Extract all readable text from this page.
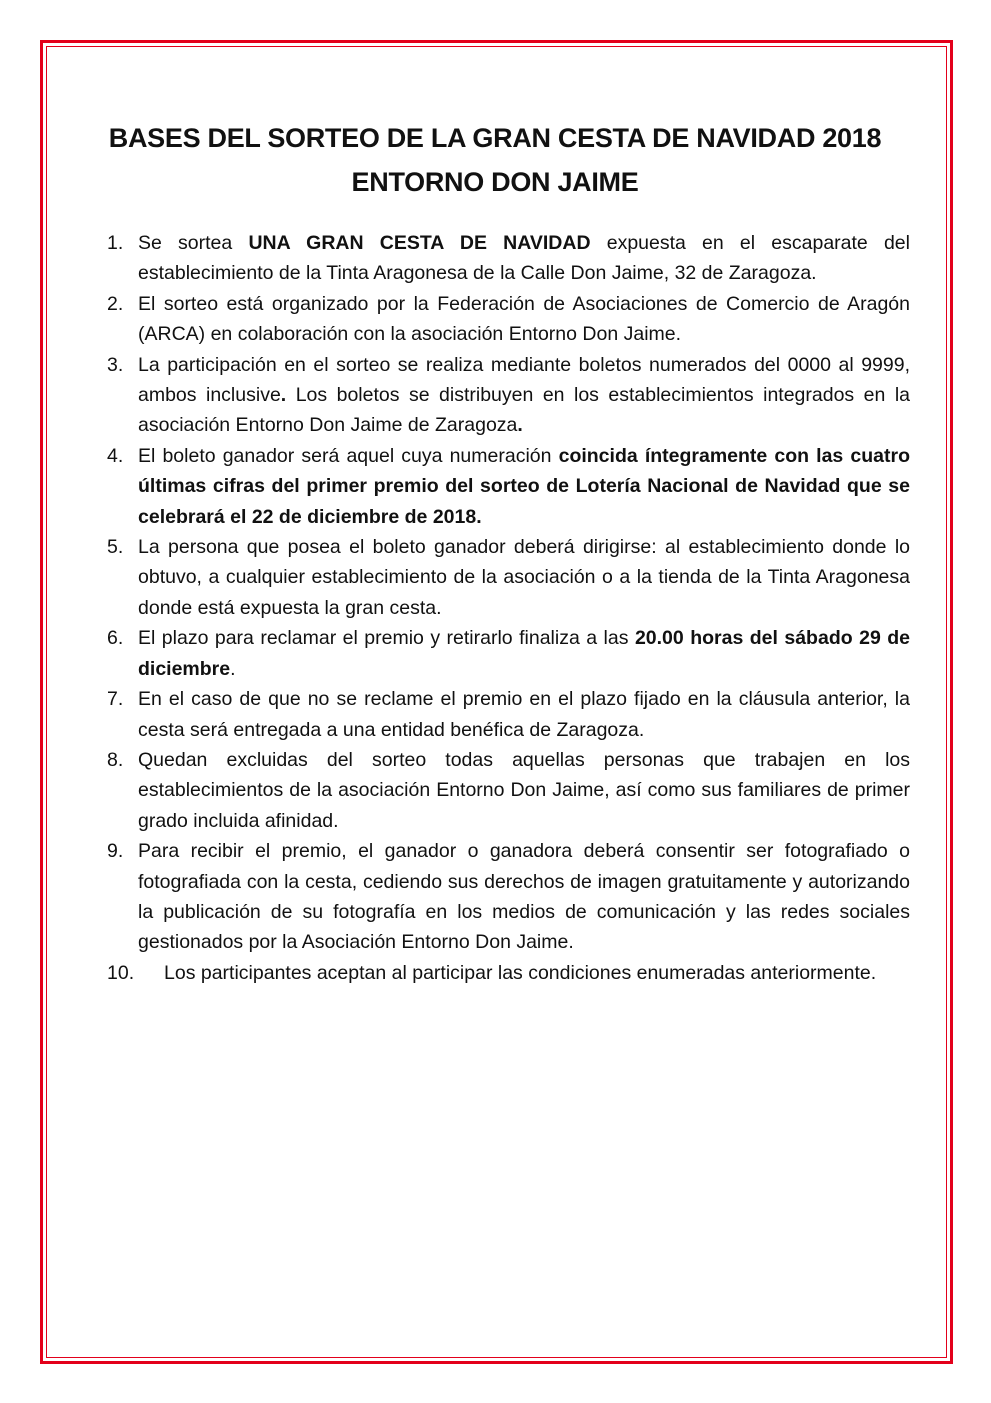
BASES DEL SORTEO DE LA GRAN CESTA DE NAVIDAD 2018
ENTORNO DON JAIME
1. Se sortea UNA GRAN CESTA DE NAVIDAD expuesta en el escaparate del establecimiento de la Tinta Aragonesa de la Calle Don Jaime, 32 de Zaragoza.
2. El sorteo está organizado por la Federación de Asociaciones de Comercio de Aragón (ARCA) en colaboración con la asociación Entorno Don Jaime.
3. La participación en el sorteo se realiza mediante boletos numerados del 0000 al 9999, ambos inclusive. Los boletos se distribuyen en los establecimientos integrados en la asociación Entorno Don Jaime de Zaragoza.
4. El boleto ganador será aquel cuya numeración coincida íntegramente con las cuatro últimas cifras del primer premio del sorteo de Lotería Nacional de Navidad que se celebrará el 22 de diciembre de 2018.
5. La persona que posea el boleto ganador deberá dirigirse: al establecimiento donde lo obtuvo, a cualquier establecimiento de la asociación o a la tienda de la Tinta Aragonesa donde está expuesta la gran cesta.
6. El plazo para reclamar el premio y retirarlo finaliza a las 20.00 horas del sábado 29 de diciembre.
7. En el caso de que no se reclame el premio en el plazo fijado en la cláusula anterior, la cesta será entregada a una entidad benéfica de Zaragoza.
8. Quedan excluidas del sorteo todas aquellas personas que trabajen en los establecimientos de la asociación Entorno Don Jaime, así como sus familiares de primer grado incluida afinidad.
9. Para recibir el premio, el ganador o ganadora deberá consentir ser fotografiado o fotografiada con la cesta, cediendo sus derechos de imagen gratuitamente y autorizando la publicación de su fotografía en los medios de comunicación y las redes sociales gestionados por la Asociación Entorno Don Jaime.
10. Los participantes aceptan al participar las condiciones enumeradas anteriormente.
